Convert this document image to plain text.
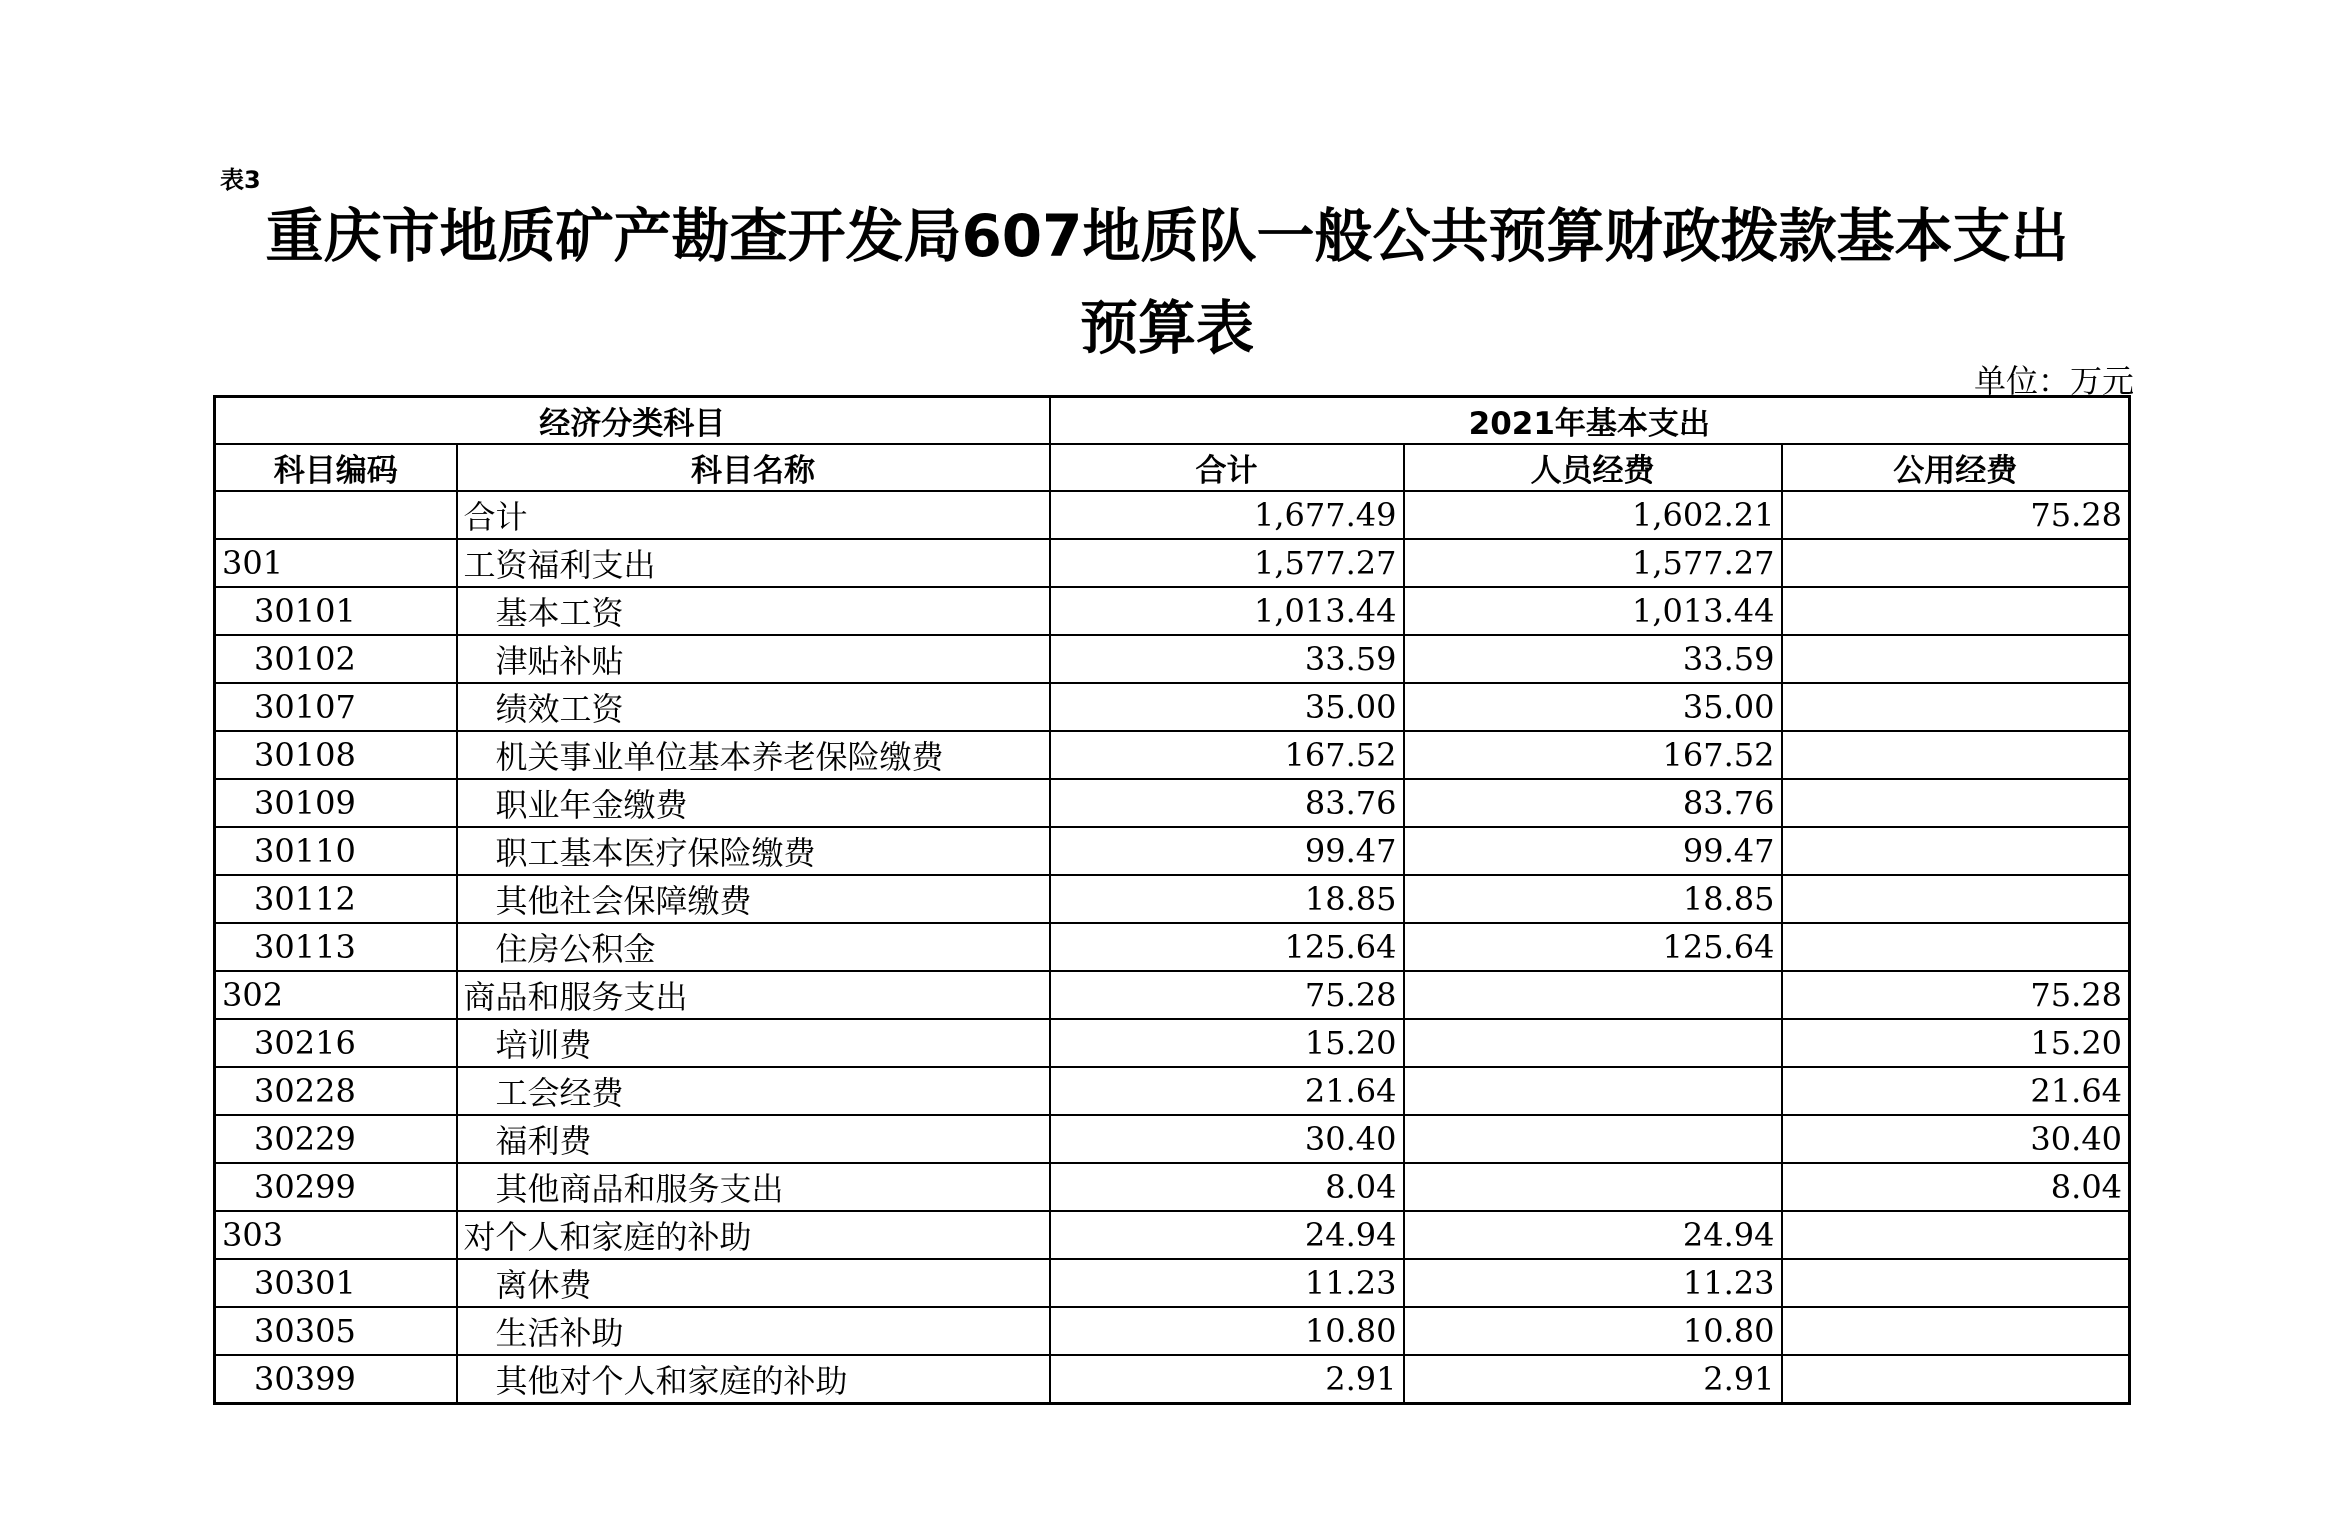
表3
重庆市地质矿产勘查开发局607地质队一般公共预算财政拨款基本支出
预算表
单位：万元
经济分类科目		2021年基本支出		
科目编码	科目名称	合计	人员经费	公用经费
	合计	1,677.49	1,602.21	75.28
301	工资福利支出	1,577.27	1,577.27	
30101	基本工资	1,013.44	1,013.44	
30102	津贴补贴	33.59	33.59	
30107	绩效工资	35.00	35.00	
30108	机关事业单位基本养老保险缴费	167.52	167.52	
30109	职业年金缴费	83.76	83.76	
30110	职工基本医疗保险缴费	99.47	99.47	
30112	其他社会保障缴费	18.85	18.85	
30113	住房公积金	125.64	125.64	
302	商品和服务支出	75.28		75.28
30216	培训费	15.20		15.20
30228	工会经费	21.64		21.64
30229	福利费	30.40		30.40
30299	其他商品和服务支出	8.04		8.04
303	对个人和家庭的补助	24.94	24.94	
30301	离休费	11.23	11.23	
30305	生活补助	10.80	10.80	
30399	其他对个人和家庭的补助	2.91	2.91	
